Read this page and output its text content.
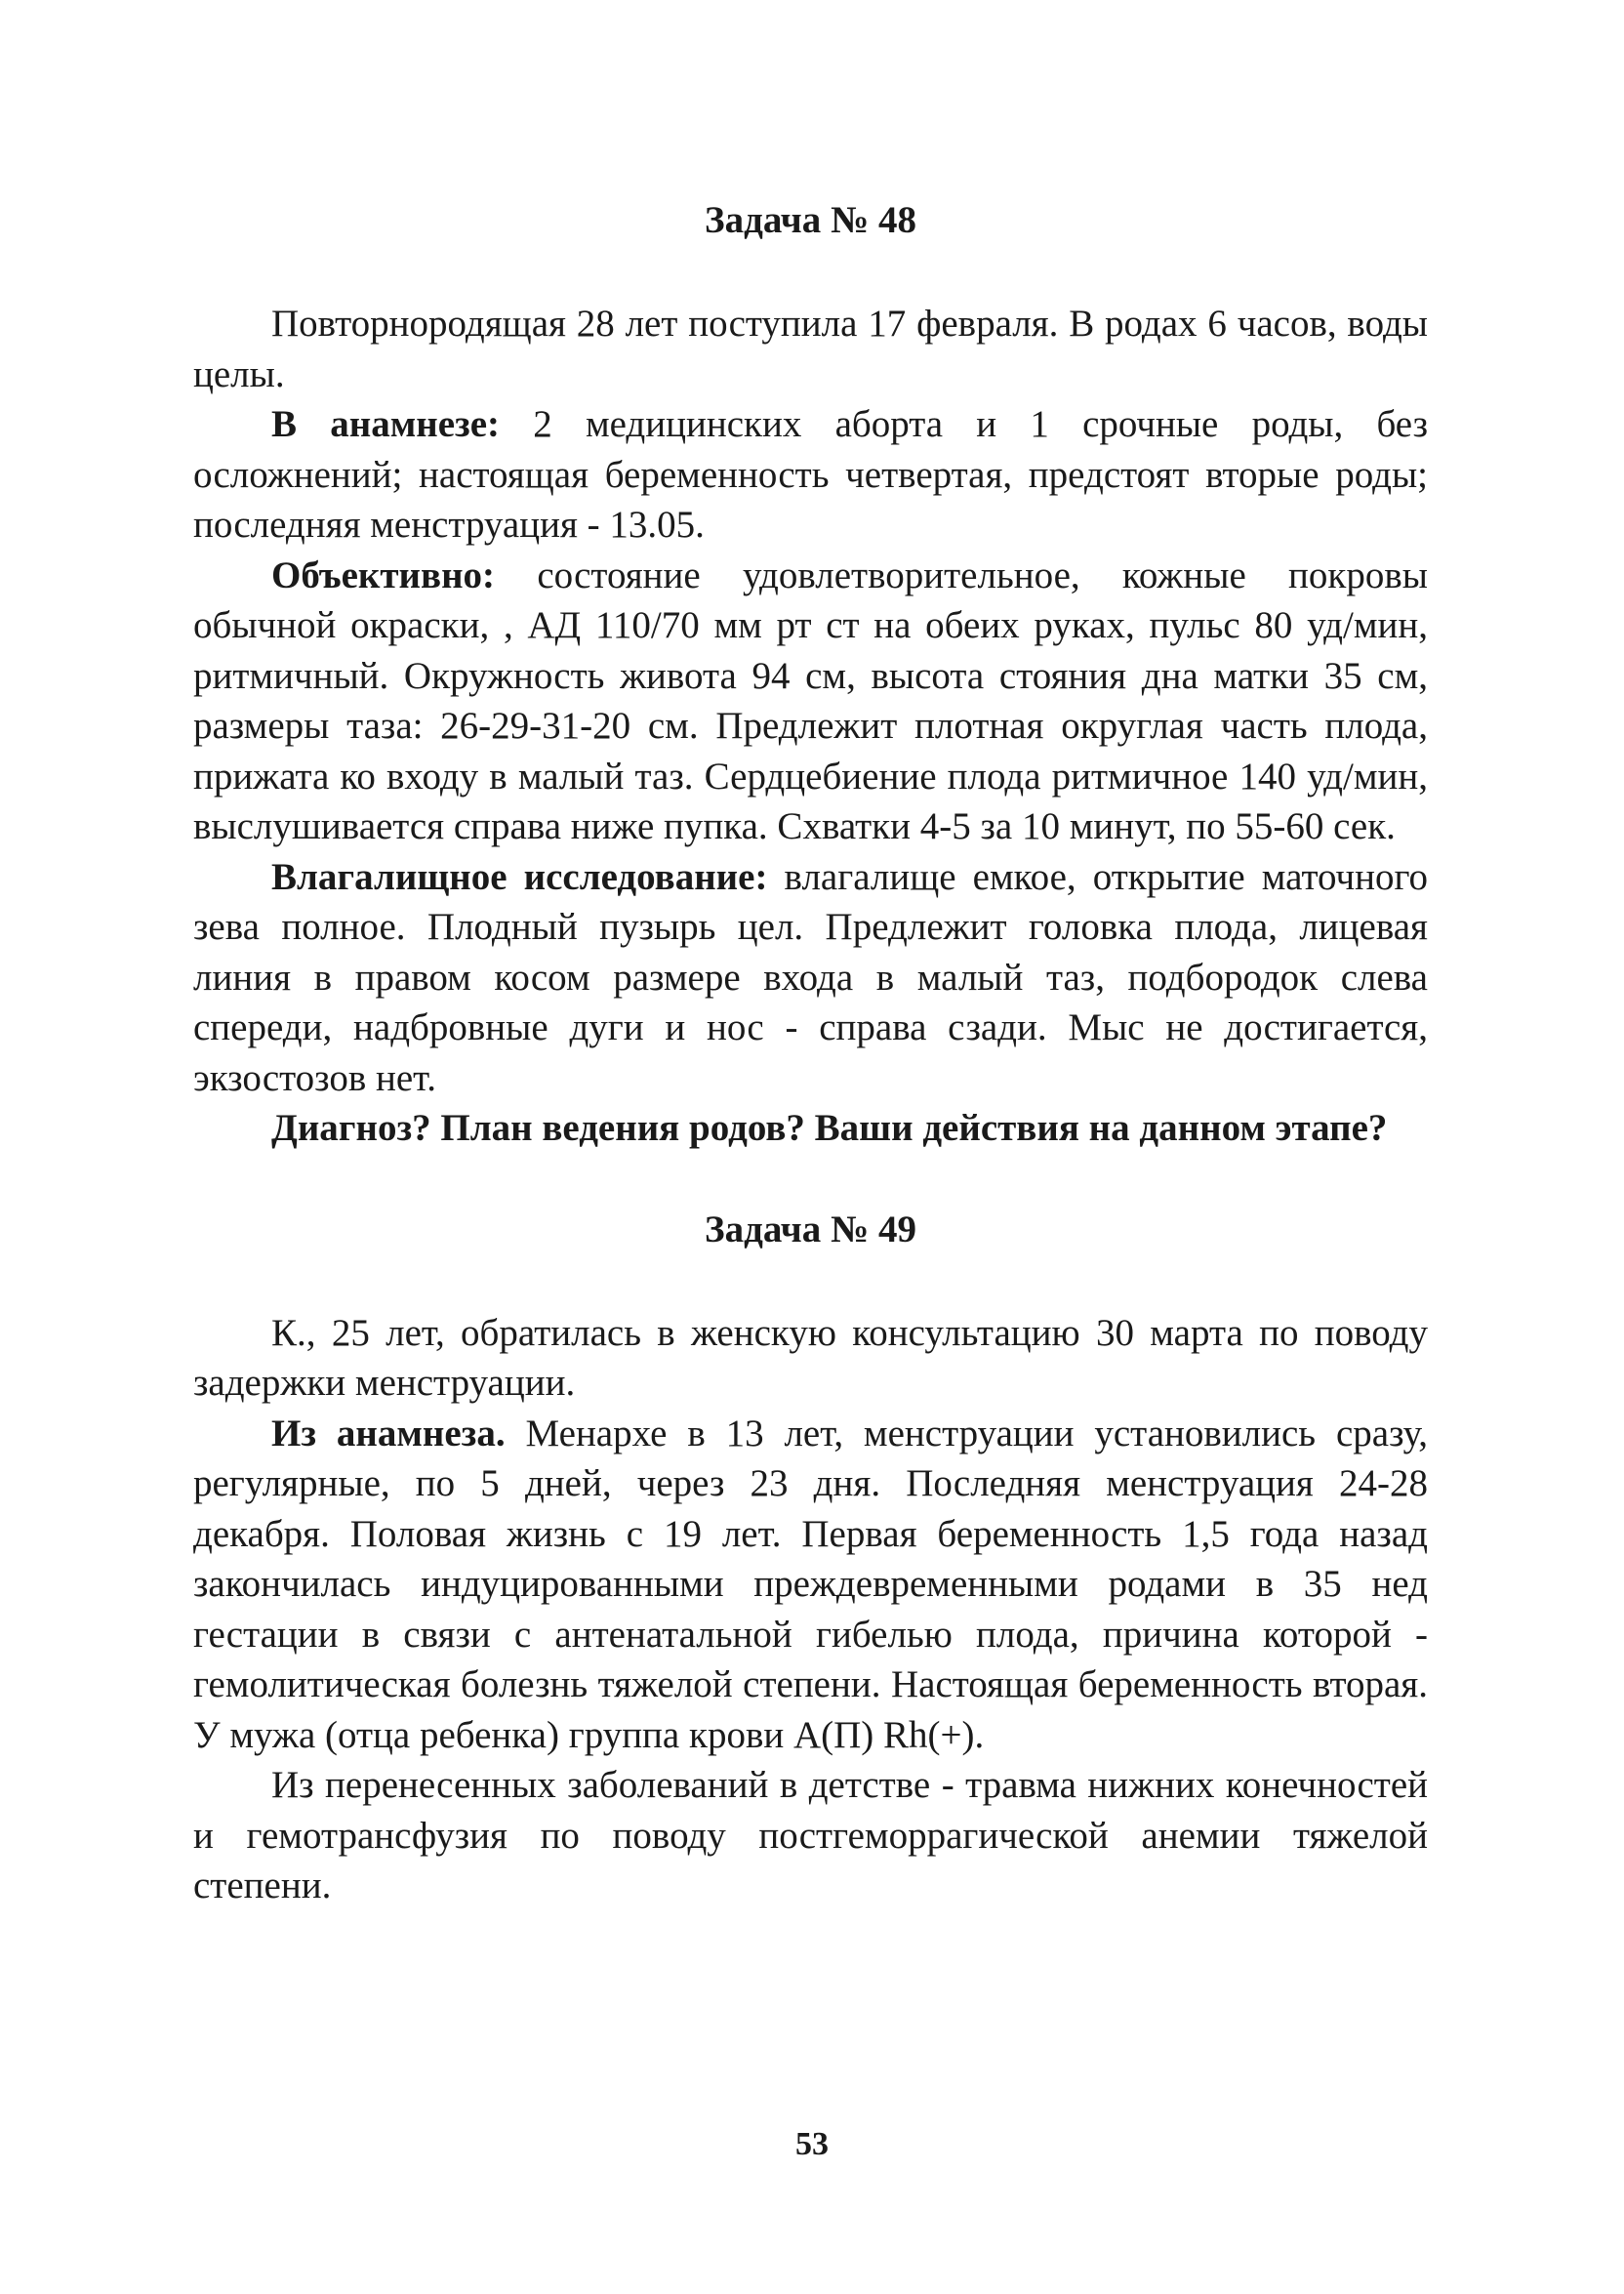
Задача № 48

Повторнородящая 28 лет поступила 17 февраля. В родах 6 часов, воды целы.

В анамнезе: 2 медицинских аборта и 1 срочные роды, без осложнений; настоящая беременность четвертая, предстоят вторые роды; последняя менструация - 13.05.

Объективно: состояние удовлетворительное, кожные покровы обычной окраски, , АД 110/70 мм рт ст на обеих руках, пульс 80 уд/мин, ритмичный. Окружность живота 94 см, высота стояния дна матки 35 см, размеры таза: 26-29-31-20 см. Предлежит плотная округлая часть плода, прижата ко входу в малый таз. Сердцебиение плода ритмичное 140 уд/мин, выслушивается справа ниже пупка. Схватки 4-5 за 10 минут, по 55-60 сек.

Влагалищное исследование: влагалище емкое, открытие маточного зева полное. Плодный пузырь цел. Предлежит головка плода, лицевая линия в правом косом размере входа в малый таз, подбородок слева спереди, надбровные дуги и нос - справа сзади. Мыс не достигается, экзостозов нет.

Диагноз? План ведения родов? Ваши действия на данном этапе?

Задача № 49

К., 25 лет, обратилась в женскую консультацию 30 марта по поводу задержки менструации.

Из анамнеза. Менархе в 13 лет, менструации установились сразу, регулярные, по 5 дней, через 23 дня. Последняя менструация 24-28 декабря. Половая жизнь с 19 лет. Первая беременность 1,5 года назад закончилась индуцированными преждевременными родами в 35 нед гестации в связи с антенатальной гибелью плода, причина которой - гемолитическая болезнь тяжелой степени. Настоящая беременность вторая. У мужа (отца ребенка) группа крови А(П) Rh(+).

Из перенесенных заболеваний в детстве - травма нижних конечностей и гемотрансфузия по поводу постгеморрагической анемии тяжелой степени.

53
